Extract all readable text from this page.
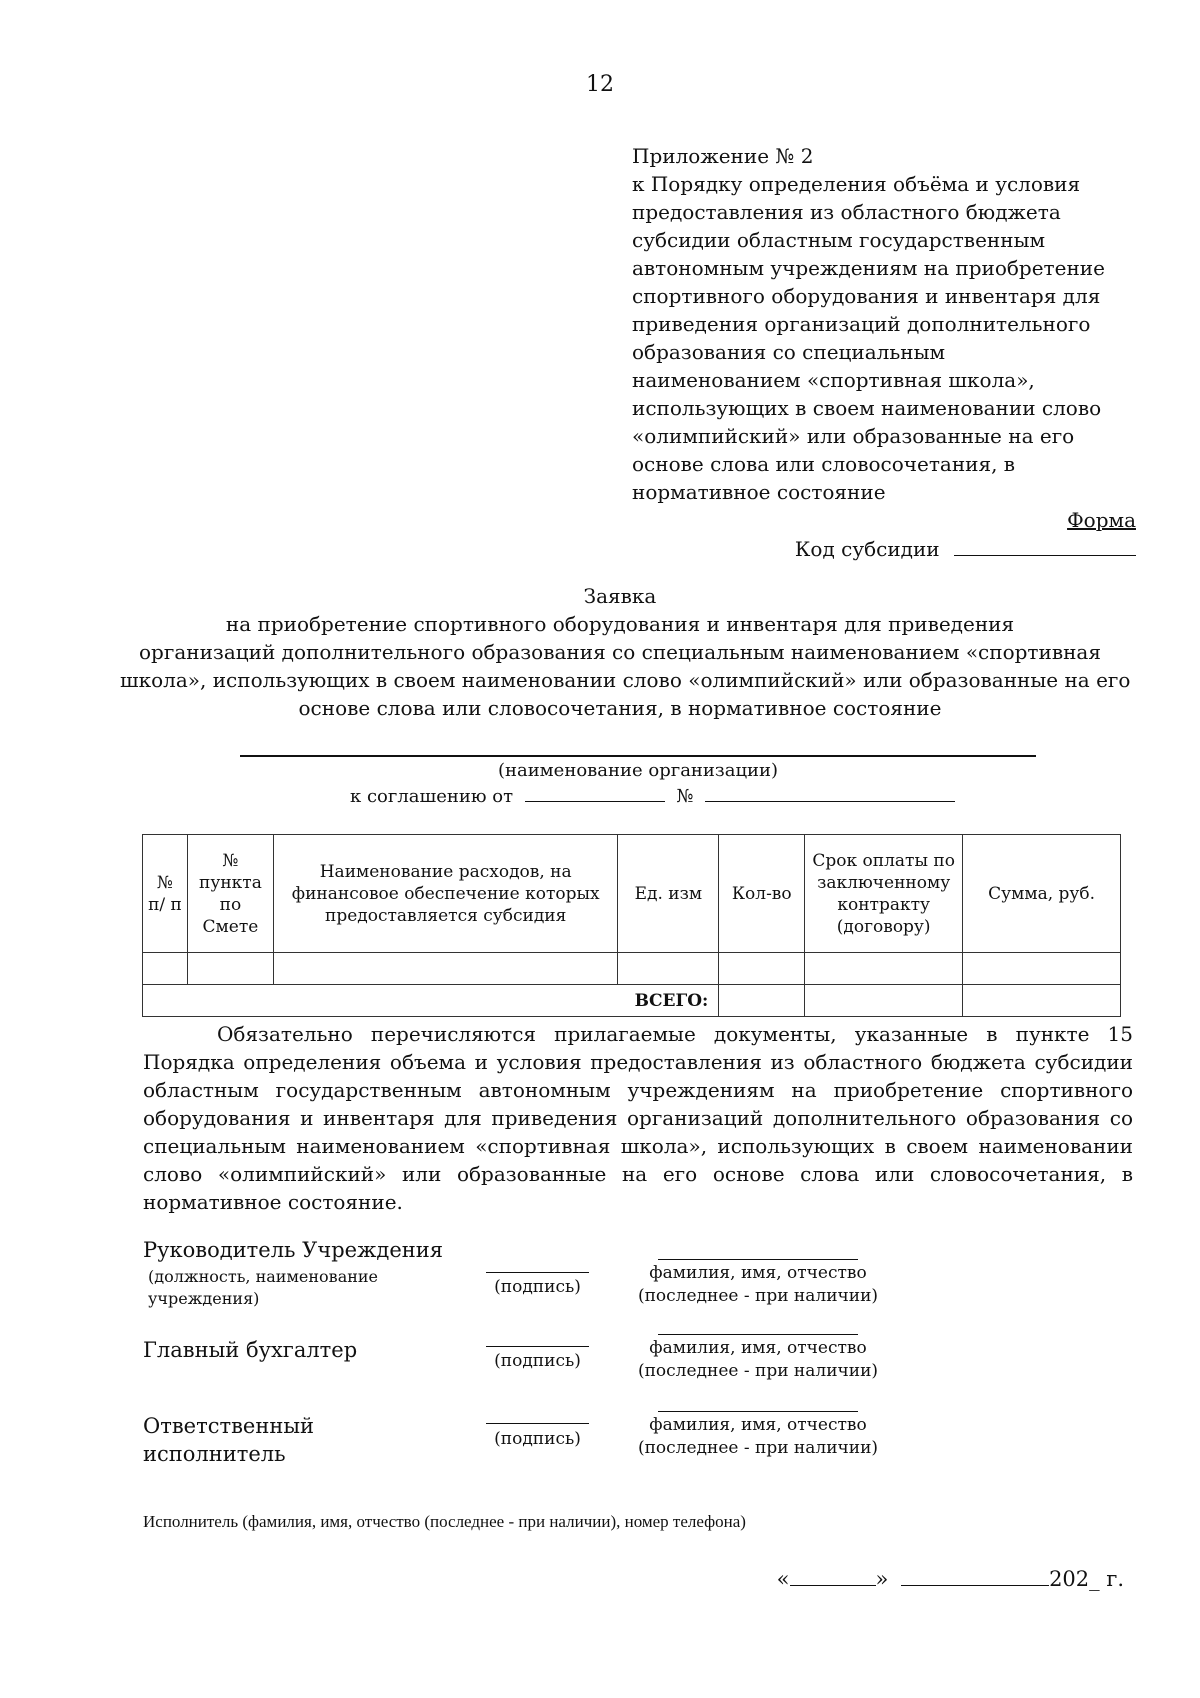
12
Приложение № 2
к Порядку определения объёма и условия
предоставления из областного бюджета
субсидии областным государственным
автономным учреждениям на приобретение
спортивного оборудования и инвентаря для
приведения организаций дополнительного
образования со специальным
наименованием «спортивная школа»,
использующих в своем наименовании слово
«олимпийский» или образованные на его
основе слова или словосочетания, в
нормативное состояние
Форма
Код субсидии
Заявка
на приобретение спортивного оборудования и инвентаря для приведения
организаций дополнительного образования со специальным наименованием «спортивная
школа», использующих в своем наименовании слово «олимпийский» или образованные на его
основе слова или словосочетания, в нормативное состояние
(наименование организации)
к соглашению от	№
№ п/ п	№ пункта по Смете	Наименование расходов, на финансовое обеспечение которых предоставляется субсидия	Ед. изм	Кол-во	Срок оплаты по заключенному контракту (договору)	Сумма, руб.

ВСЕГО:						

Обязательно перечисляются прилагаемые документы, указанные в пункте 15 Порядка определения объема и условия предоставления из областного бюджета субсидии областным государственным автономным учреждениям на приобретение спортивного оборудования и инвентаря для приведения организаций дополнительного образования со специальным наименованием «спортивная школа», использующих в своем наименовании слово «олимпийский» или образованные на его основе слова или словосочетания, в нормативное состояние.

Руководитель Учреждения
(должность, наименование учреждения)
(подпись)
фамилия, имя, отчество
(последнее - при наличии)
Главный бухгалтер	(подпись)
фамилия, имя, отчество
(последнее - при наличии)
Ответственный
исполнитель
(подпись)
фамилия, имя, отчество
(последнее - при наличии)
Исполнитель (фамилия, имя, отчество (последнее - при наличии), номер телефона)
«	»	202_ г.
